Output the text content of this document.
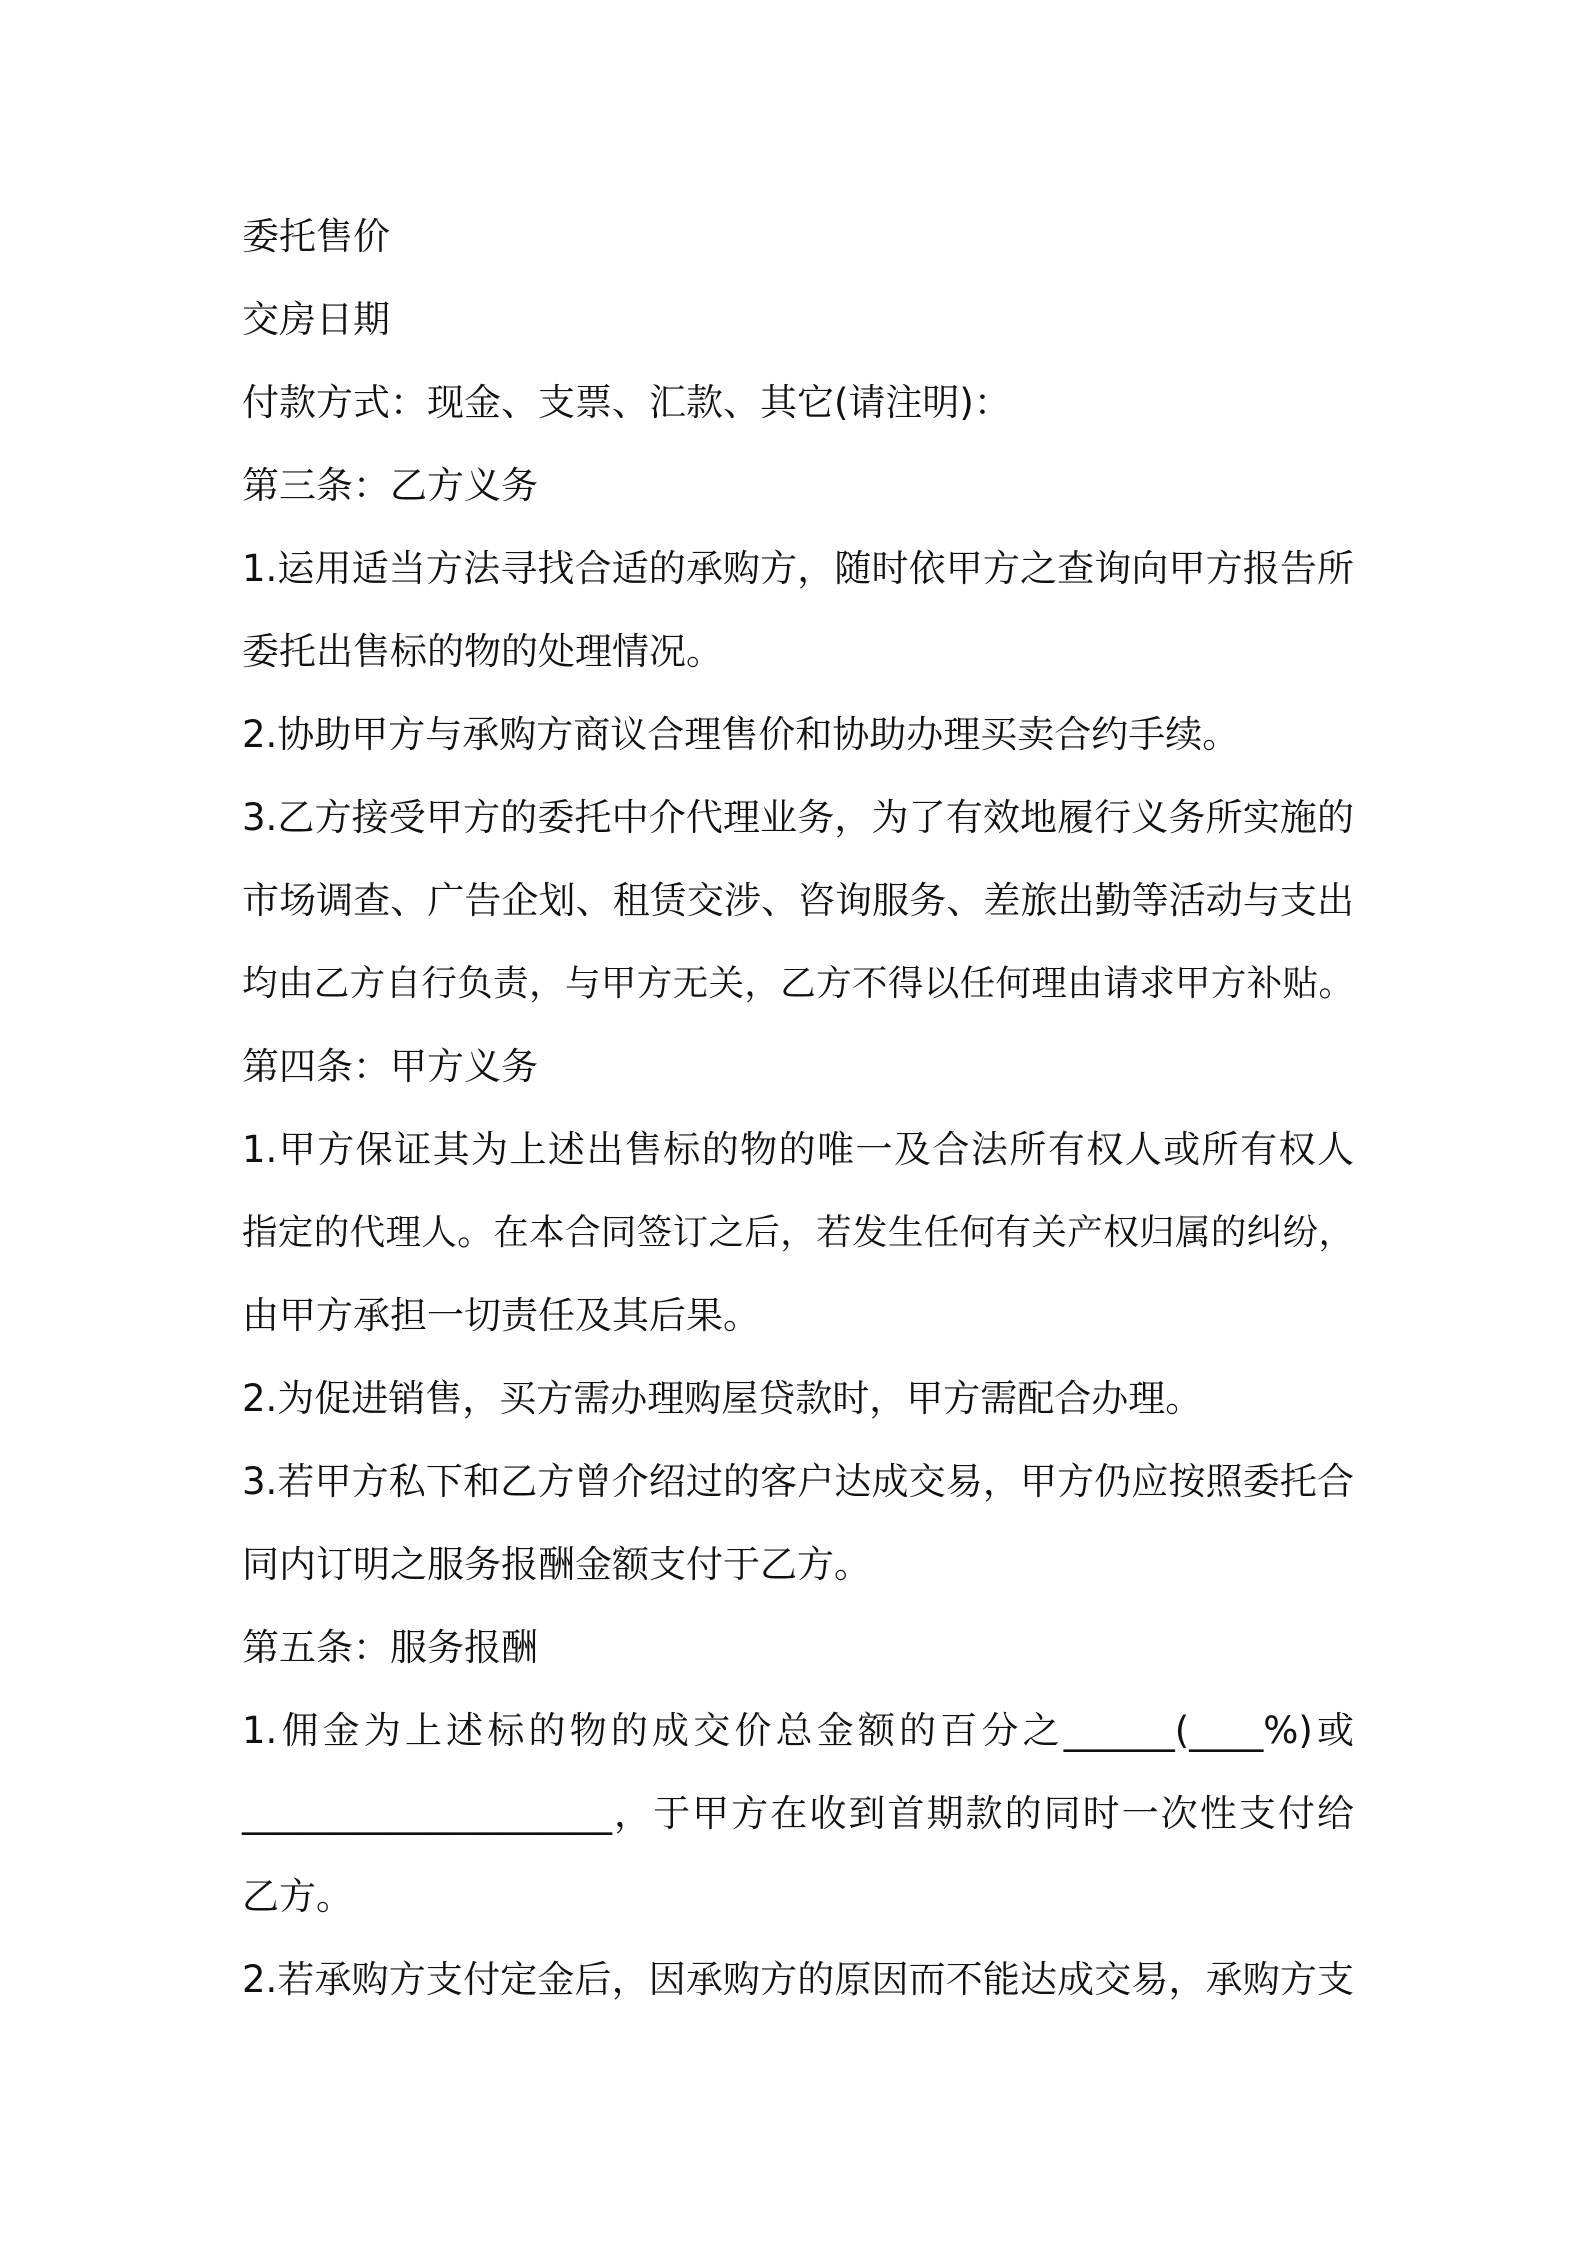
委托售价

交房日期

付款方式：现金、支票、汇款、其它(请注明)：

第三条：乙方义务

1.运用适当方法寻找合适的承购方，随时依甲方之查询向甲方报告所

委托出售标的物的处理情况。

2.协助甲方与承购方商议合理售价和协助办理买卖合约手续。

3.乙方接受甲方的委托中介代理业务，为了有效地履行义务所实施的

市场调查、广告企划、租赁交涉、咨询服务、差旅出勤等活动与支出

均由乙方自行负责，与甲方无关，乙方不得以任何理由请求甲方补贴。

第四条：甲方义务

1.甲方保证其为上述出售标的物的唯一及合法所有权人或所有权人

指定的代理人。在本合同签订之后，若发生任何有关产权归属的纠纷，

由甲方承担一切责任及其后果。

2.为促进销售，买方需办理购屋贷款时，甲方需配合办理。

3.若甲方私下和乙方曾介绍过的客户达成交易，甲方仍应按照委托合

同内订明之服务报酬金额支付于乙方。

第五条：服务报酬

1.佣金为上述标的物的成交价总金额的百分之______(____%)或

____________________，于甲方在收到首期款的同时一次性支付给

乙方。

2.若承购方支付定金后，因承购方的原因而不能达成交易，承购方支
